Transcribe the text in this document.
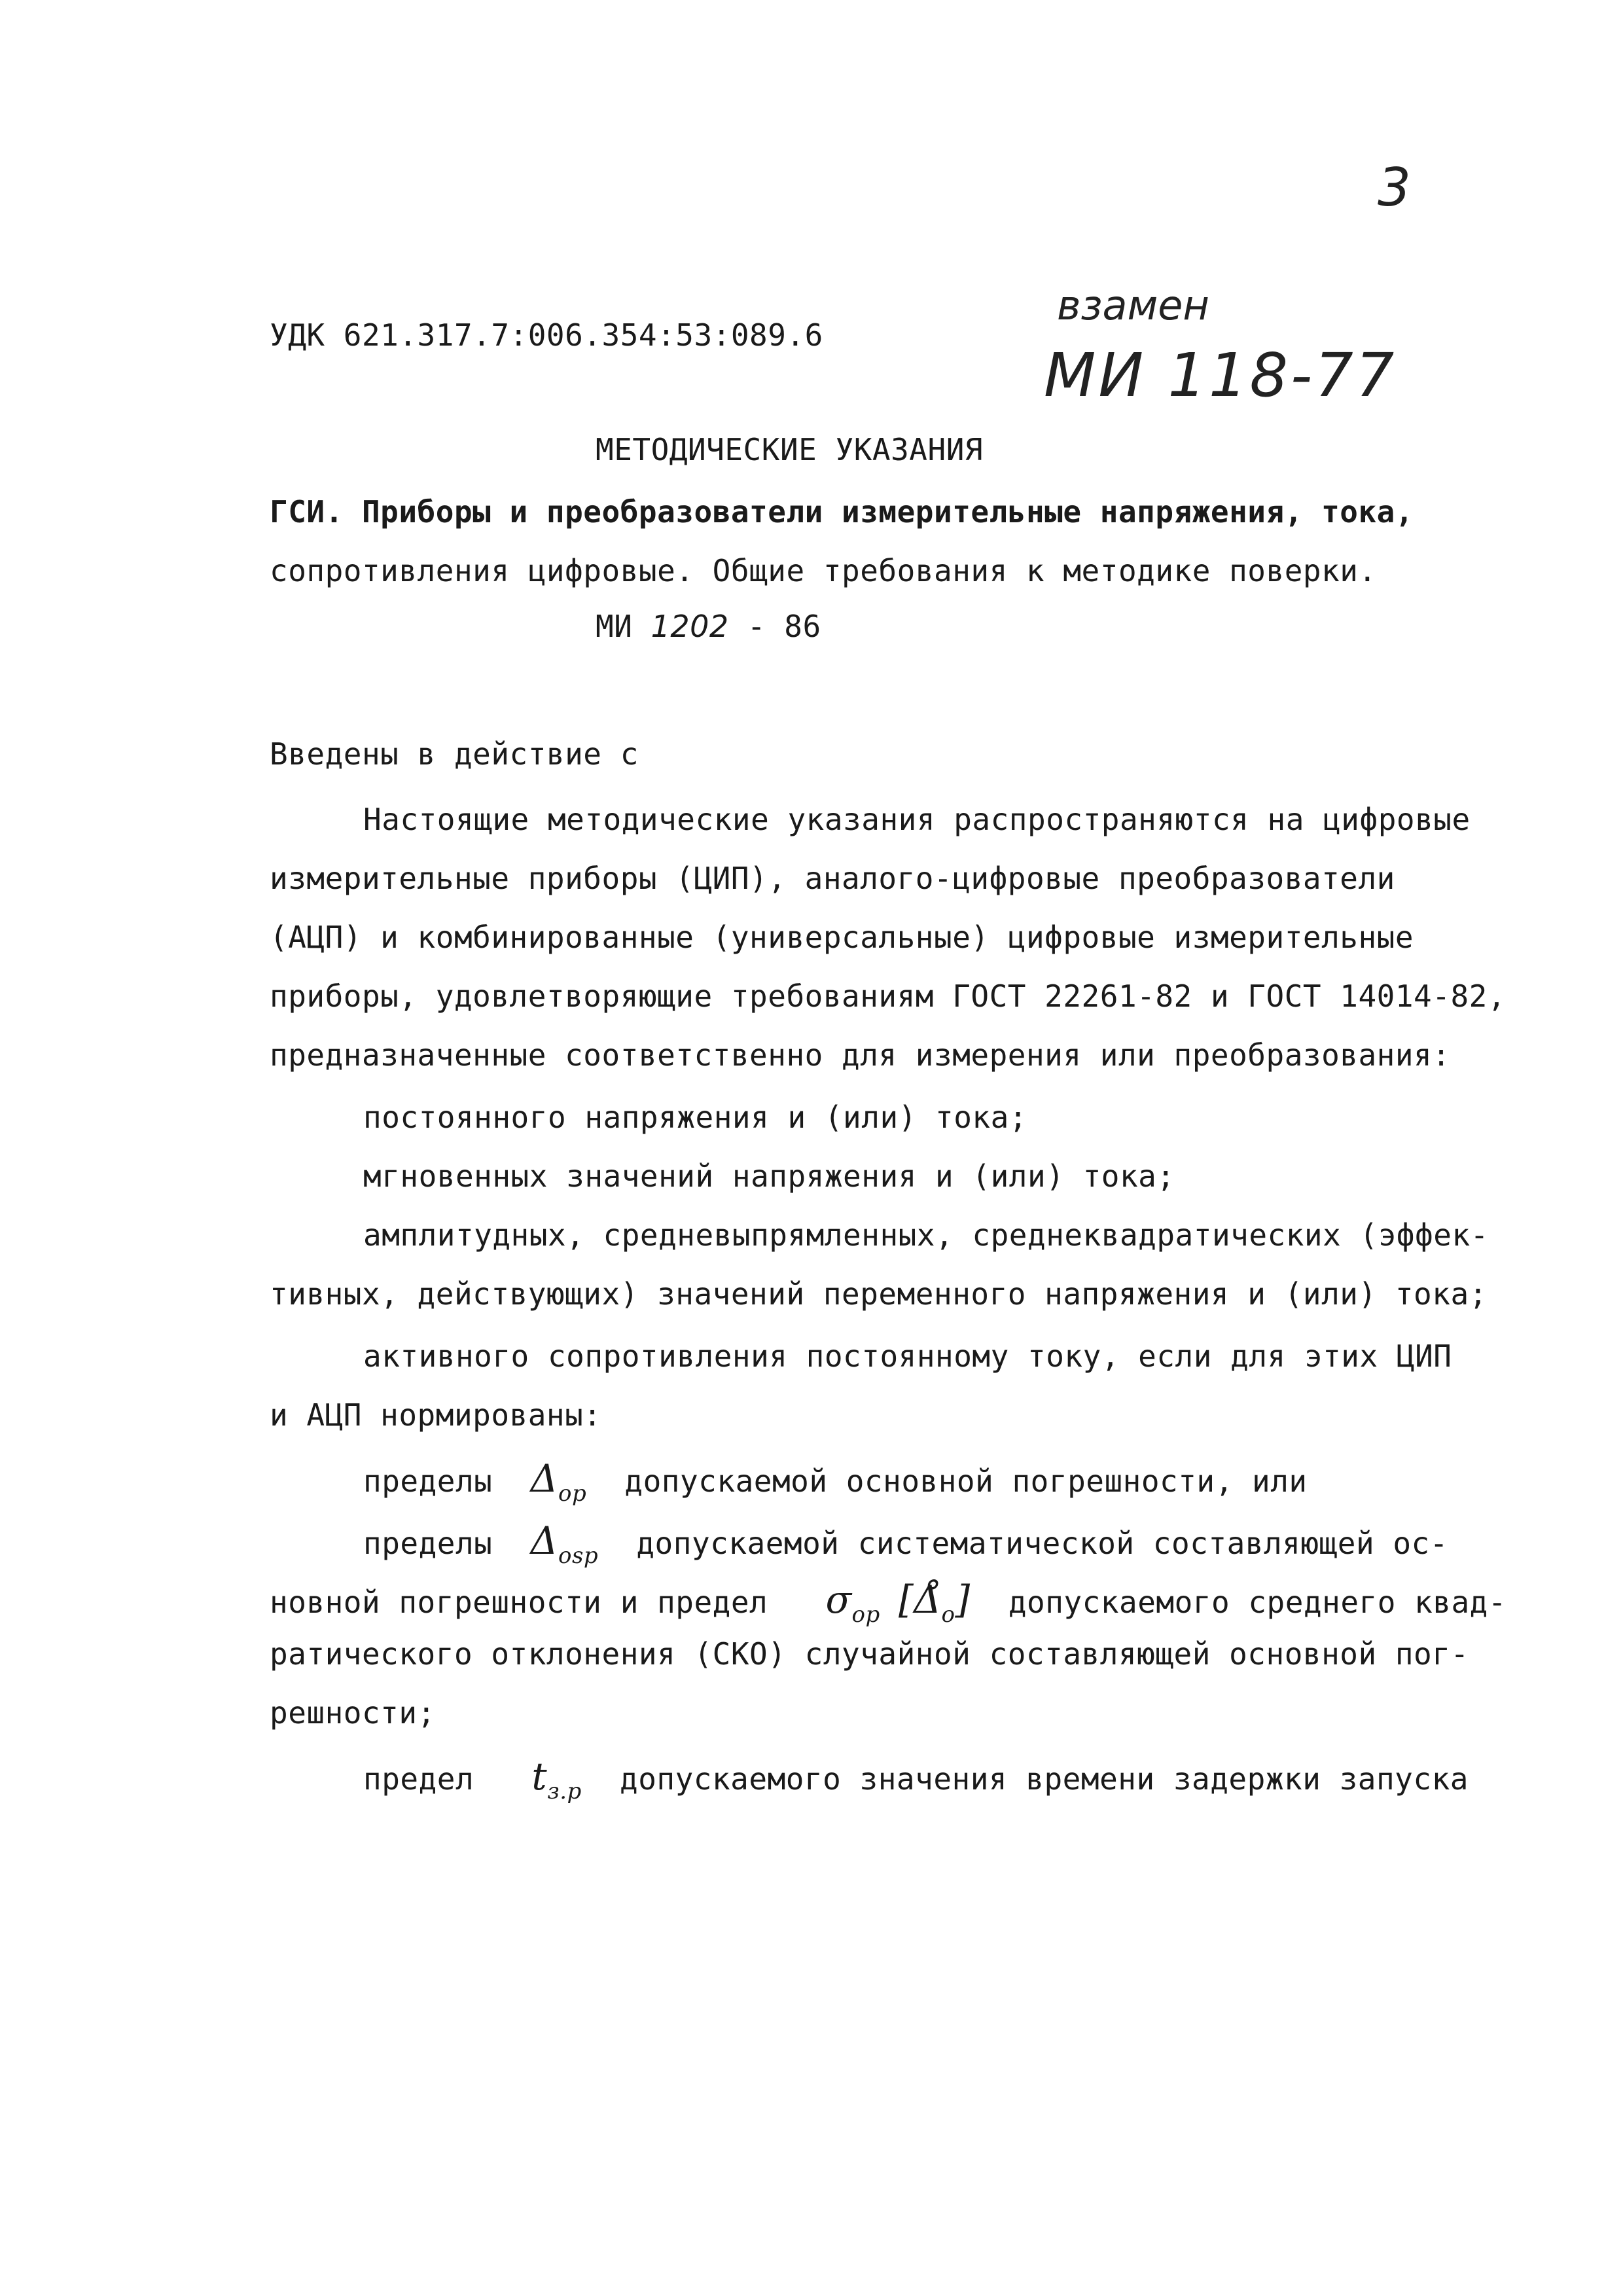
3
взамен
МИ 118-77
УДК 621.317.7:006.354:53:089.6
МЕТОДИЧЕСКИЕ УКАЗАНИЯ
ГСИ. Приборы и преобразователи измерительные напряжения, тока,
сопротивления цифровые. Общие требования к методике поверки.
МИ 1202 - 86
Введены в действие с
Настоящие методические указания распространяются на цифровые
измерительные приборы (ЦИП), аналого-цифровые преобразователи
(АЦП) и комбинированные (универсальные) цифровые измерительные
приборы, удовлетворяющие требованиям ГОСТ 22261-82 и ГОСТ 14014-82,
предназначенные соответственно для измерения или преобразования:
постоянного напряжения и (или) тока;
мгновенных значений напряжения и (или) тока;
амплитудных, средневыпрямленных, среднеквадратических (эффек-
тивных, действующих) значений переменного напряжения и (или) тока;
активного сопротивления постоянному току, если для этих ЦИП
и АЦП нормированы:
пределы $\Delta_{op}$ допускаемой основной погрешности, или
пределы $\Delta_{osp}$ допускаемой систематической составляющей ос-
новной погрешности и предел $\sigma_{op}$ $[\Deltå_o]$ допускаемого среднего квад-
ратического отклонения (СКО) случайной составляющей основной пог-
решности;
предел $t_{з.p}$ допускаемого значения времени задержки запуска
